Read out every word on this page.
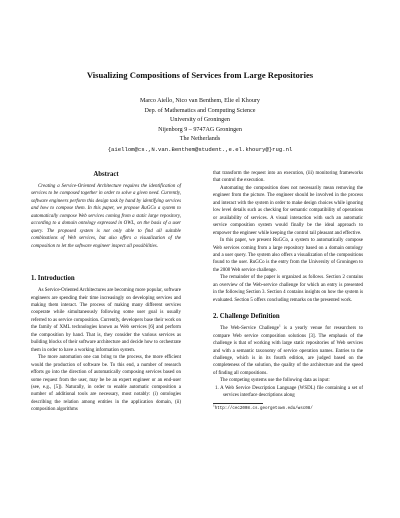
Visualizing Compositions of Services from Large Repositories
Marco Aiello, Nico van Benthem, Elie el Khoury
Dep. of Mathematics and Computing Science
University of Groningen
Nijenborg 9 – 9747AG Groningen
The Netherlands
{aiellom@cs.,N.van.Benthem@student.,e.el.khoury@}rug.nl
Abstract

Creating a Service-Oriented Architecture requires the identification of services to be composed together in order to solve a given need. Currently, software engineers perform this design task by hand by identifying services and how to compose them. In this paper, we propose RuGCo a system to automatically compose Web services coming from a static large repository, according to a domain ontology expressed in OWL, on the basis of a user query. The proposed system is not only able to find all suitable combinations of Web services, but also offers a visualization of the composition to let the software engineer inspect all possibilities.

1. Introduction

As Service-Oriented Architectures are becoming more popular, software engineers are spending their time increasingly on developing services and making them interact. The process of making many different services cooperate while simultaneously following some user goal is usually referred to as service composition. Currently, developers base their work on the family of XML technologies known as Web services [6] and perform the composition by hand. That is, they consider the various services as building blocks of their software architecture and decide how to orchestrate them in order to have a working information system.

The more automation one can bring to the process, the more efficient would the production of software be. To this end, a number of research efforts go into the direction of automatically composing services based on some request from the user, may be be an expert engineer or an end-user (see, e.g., [5]). Naturally, in order to enable automatic composition a number of additional tools are necessary, most notably: (i) ontologies describing the relation among entities in the application domain, (ii) composition algorithms

that transform the request into an execution, (iii) monitoring frameworks that control the execution.

Automating the composition does not necessarily mean removing the engineer from the picture. The engineer should be involved in the process and interact with the system in order to make design choices while ignoring low level details such as checking for semantic compatibility of operations or availability of services. A visual interaction with such an automatic service composition system would finally be the ideal approach to empower the engineer while keeping the control tail pleasant and effective.

In this paper, we present RuGCo, a system to automatically compose Web services coming from a large repository based on a domain ontology and a user query. The system also offers a visualization of the compositions found to the user. RuGCo is the entry from the University of Groningen to the 2008 Web service challenge.

The remainder of the paper is organized as follows. Section 2 contains an overview of the Web-service challenge for which an entry is presented in the following Section 3. Section 4 contains insights on how the system is evaluated. Section 5 offers concluding remarks on the presented work.

2. Challenge Definition

The Web-Service Challenge$^1$ is a yearly venue for researchers to compare Web service composition solutions [3]. The emphasis of the challenge is that of working with large static repositories of Web services and with a semantic taxonomy of service operation names. Entries to the challenge, which is in its fourth edition, are judged based on the completeness of the solution, the quality of the architecture and the speed of finding all compositions.

The competing systems use the following data as input:

1. A Web Service Description Language (WSDL) file containing a set of services interface descriptions along
$^1$http://cec2008.cs.georgetown.edu/wsc08/
